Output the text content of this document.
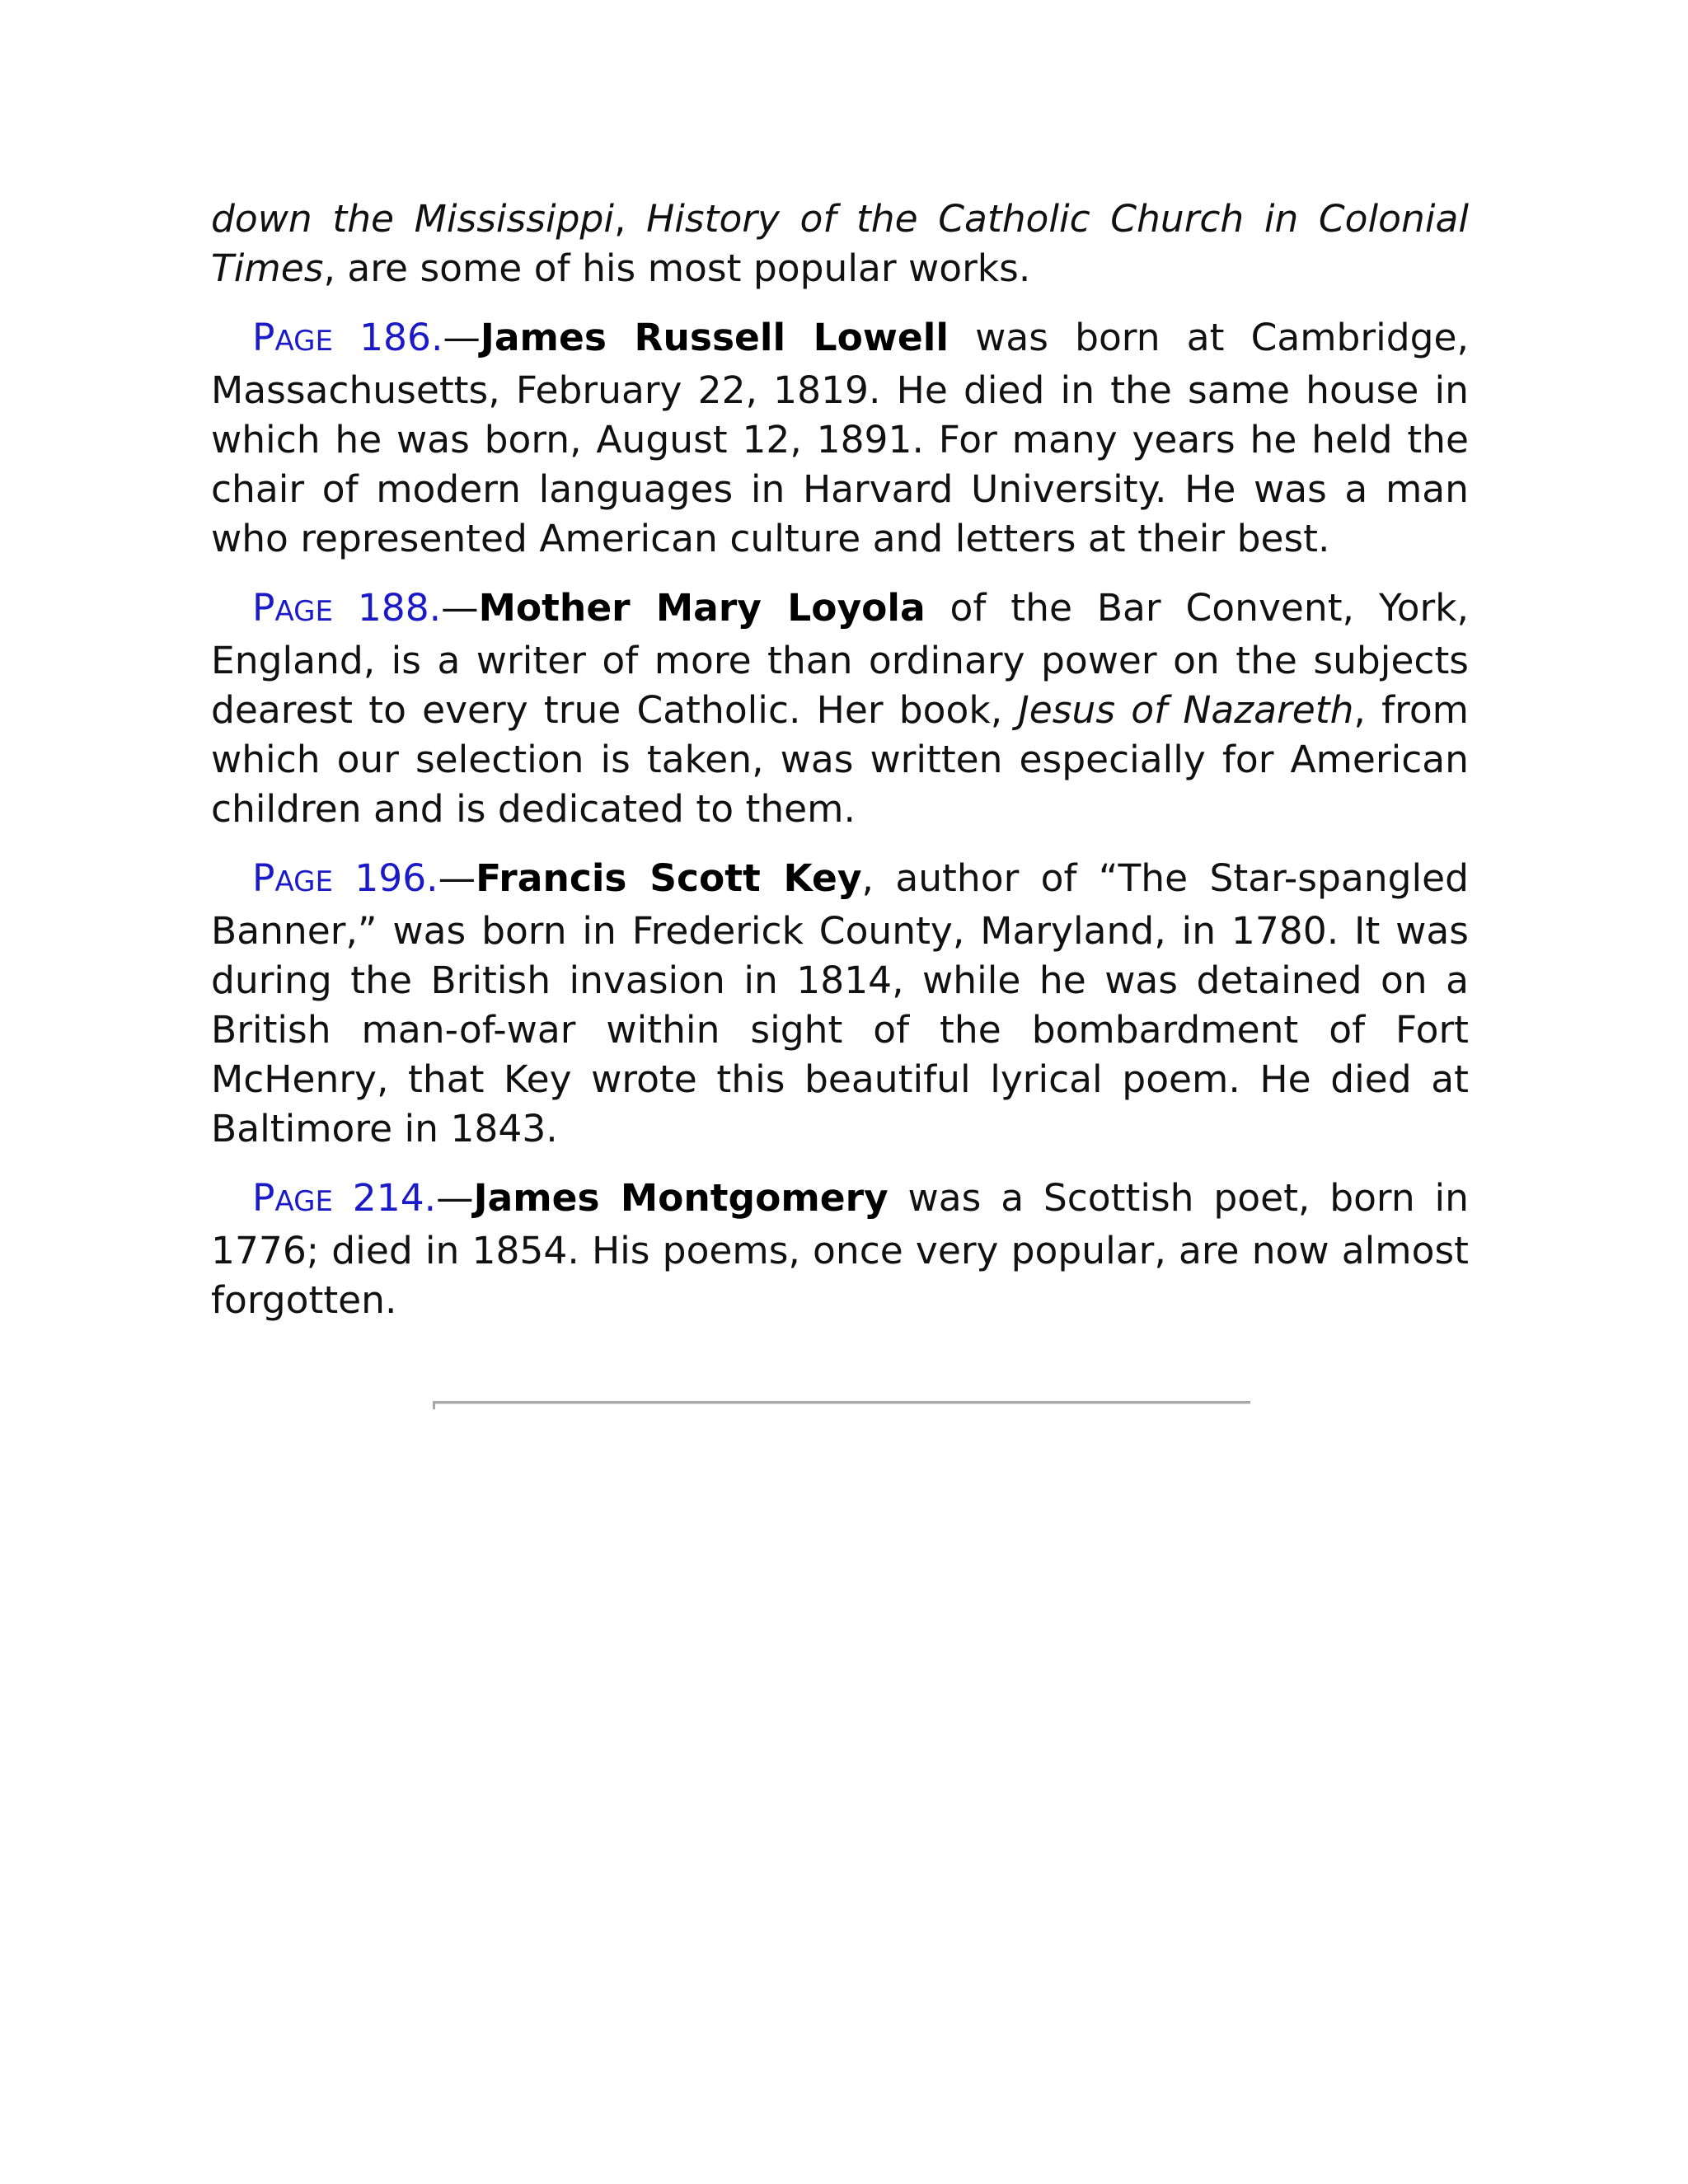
down the Mississippi, History of the Catholic Church in Colonial Times, are some of his most popular works.

PAGE 186.—James Russell Lowell was born at Cambridge, Massachusetts, February 22, 1819. He died in the same house in which he was born, August 12, 1891. For many years he held the chair of modern languages in Harvard University. He was a man who represented American culture and letters at their best.

PAGE 188.—Mother Mary Loyola of the Bar Convent, York, England, is a writer of more than ordinary power on the subjects dearest to every true Catholic. Her book, Jesus of Nazareth, from which our selection is taken, was written especially for American children and is dedicated to them.

PAGE 196.—Francis Scott Key, author of “The Star-spangled Banner,” was born in Frederick County, Maryland, in 1780. It was during the British invasion in 1814, while he was detained on a British man-of-war within sight of the bombardment of Fort McHenry, that Key wrote this beautiful lyrical poem. He died at Baltimore in 1843.

PAGE 214.—James Montgomery was a Scottish poet, born in 1776; died in 1854. His poems, once very popular, are now almost forgotten.
